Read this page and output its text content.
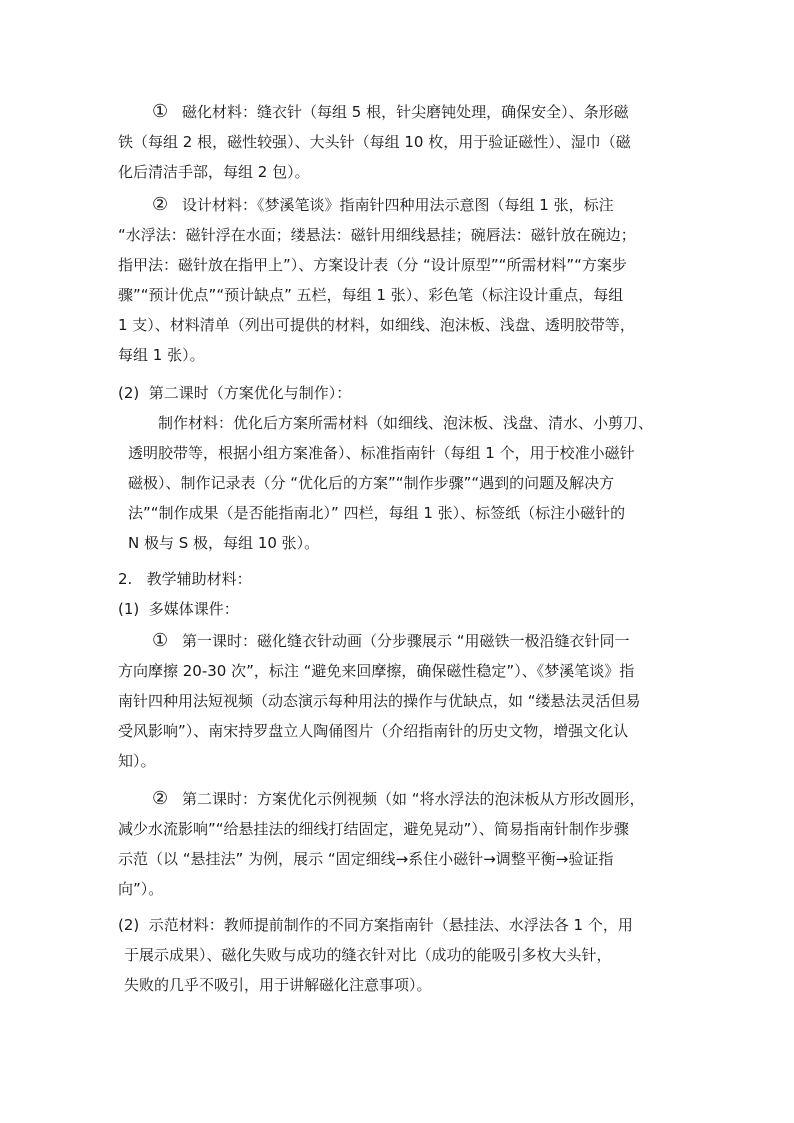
① 磁化材料：缝衣针（每组 5 根，针尖磨钝处理，确保安全）、条形磁
铁（每组 2 根，磁性较强）、大头针（每组 10 枚，用于验证磁性）、湿巾（磁
化后清洁手部，每组 2 包）。
② 设计材料：《梦溪笔谈》指南针四种用法示意图（每组 1 张，标注
“水浮法：磁针浮在水面；缕悬法：磁针用细线悬挂；碗唇法：磁针放在碗边；
指甲法：磁针放在指甲上”）、方案设计表（分 “设计原型”“所需材料”“方案步
骤”“预计优点”“预计缺点” 五栏，每组 1 张）、彩色笔（标注设计重点，每组
1 支）、材料清单（列出可提供的材料，如细线、泡沫板、浅盘、透明胶带等，
每组 1 张）。
(2)  第二课时（方案优化与制作）：
制作材料：优化后方案所需材料（如细线、泡沫板、浅盘、清水、小剪刀、
透明胶带等，根据小组方案准备）、标准指南针（每组 1 个，用于校准小磁针
磁极）、制作记录表（分 “优化后的方案”“制作步骤”“遇到的问题及解决方
法”“制作成果（是否能指南北）” 四栏，每组 1 张）、标签纸（标注小磁针的
N 极与 S 极，每组 10 张）。
2.   教学辅助材料：
(1)  多媒体课件：
① 第一课时：磁化缝衣针动画（分步骤展示 “用磁铁一极沿缝衣针同一
方向摩擦 20-30 次”，标注 “避免来回摩擦，确保磁性稳定”）、《梦溪笔谈》指
南针四种用法短视频（动态演示每种用法的操作与优缺点，如 “缕悬法灵活但易
受风影响”）、南宋持罗盘立人陶俑图片（介绍指南针的历史文物，增强文化认
知）。
② 第二课时：方案优化示例视频（如 “将水浮法的泡沫板从方形改圆形，
减少水流影响”“给悬挂法的细线打结固定，避免晃动”）、简易指南针制作步骤
示范（以 “悬挂法” 为例，展示 “固定细线→系住小磁针→调整平衡→验证指
向”）。
(2)  示范材料：教师提前制作的不同方案指南针（悬挂法、水浮法各 1 个，用
于展示成果）、磁化失败与成功的缝衣针对比（成功的能吸引多枚大头针，
失败的几乎不吸引，用于讲解磁化注意事项）。
